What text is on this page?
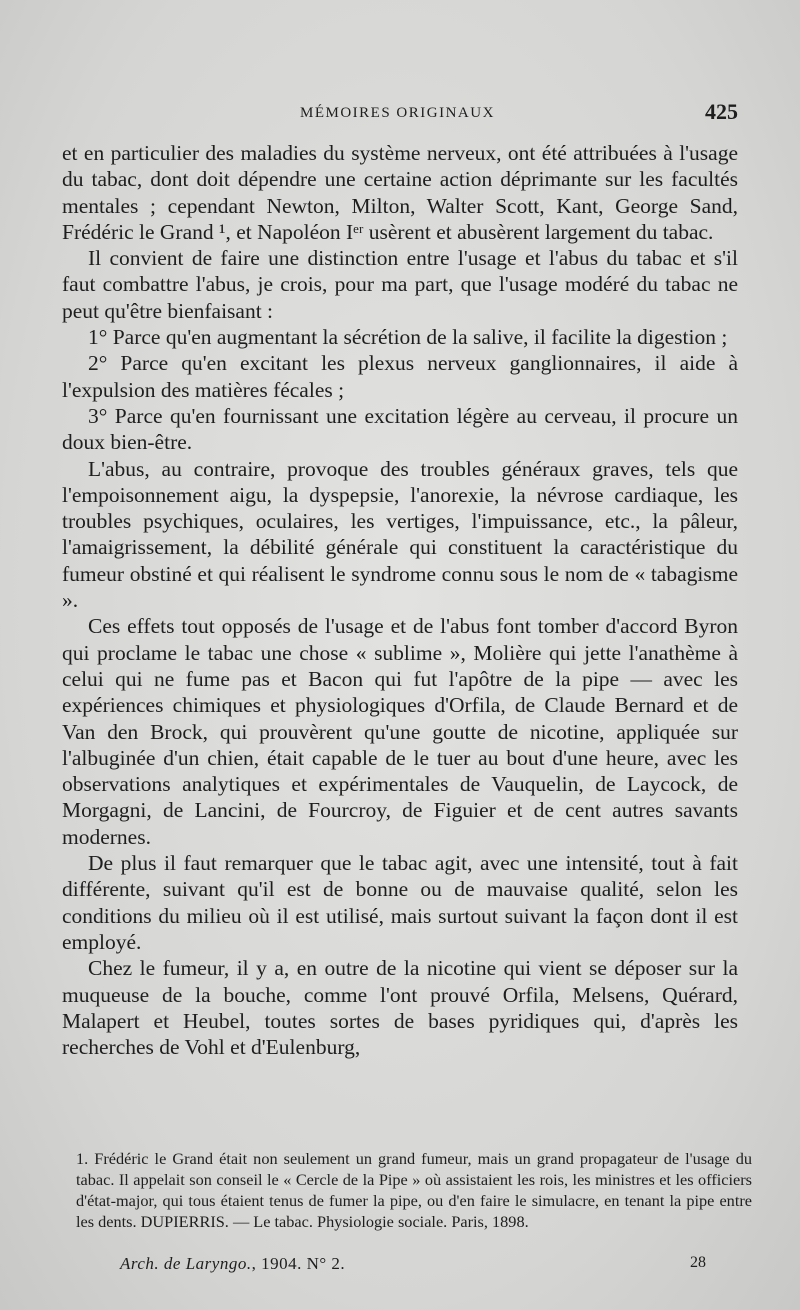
MÉMOIRES ORIGINAUX	425

et en particulier des maladies du système nerveux, ont été attribuées à l'usage du tabac, dont doit dépendre une certaine action déprimante sur les facultés mentales ; cependant Newton, Milton, Walter Scott, Kant, George Sand, Frédéric le Grand ¹, et Napoléon Iᵉʳ usèrent et abusèrent largement du tabac.

Il convient de faire une distinction entre l'usage et l'abus du tabac et s'il faut combattre l'abus, je crois, pour ma part, que l'usage modéré du tabac ne peut qu'être bienfaisant :

1° Parce qu'en augmentant la sécrétion de la salive, il facilite la digestion ;

2° Parce qu'en excitant les plexus nerveux ganglionnaires, il aide à l'expulsion des matières fécales ;

3° Parce qu'en fournissant une excitation légère au cerveau, il procure un doux bien-être.

L'abus, au contraire, provoque des troubles généraux graves, tels que l'empoisonnement aigu, la dyspepsie, l'anorexie, la névrose cardiaque, les troubles psychiques, oculaires, les vertiges, l'impuissance, etc., la pâleur, l'amaigrissement, la débilité générale qui constituent la caractéristique du fumeur obstiné et qui réalisent le syndrome connu sous le nom de « tabagisme ».

Ces effets tout opposés de l'usage et de l'abus font tomber d'accord Byron qui proclame le tabac une chose « sublime », Molière qui jette l'anathème à celui qui ne fume pas et Bacon qui fut l'apôtre de la pipe — avec les expériences chimiques et physiologiques d'Orfila, de Claude Bernard et de Van den Brock, qui prouvèrent qu'une goutte de nicotine, appliquée sur l'albuginée d'un chien, était capable de le tuer au bout d'une heure, avec les observations analytiques et expérimentales de Vauquelin, de Laycock, de Morgagni, de Lancini, de Fourcroy, de Figuier et de cent autres savants modernes.

De plus il faut remarquer que le tabac agit, avec une intensité, tout à fait différente, suivant qu'il est de bonne ou de mauvaise qualité, selon les conditions du milieu où il est utilisé, mais surtout suivant la façon dont il est employé.

Chez le fumeur, il y a, en outre de la nicotine qui vient se déposer sur la muqueuse de la bouche, comme l'ont prouvé Orfila, Melsens, Quérard, Malapert et Heubel, toutes sortes de bases pyridiques qui, d'après les recherches de Vohl et d'Eulenburg,

1. Frédéric le Grand était non seulement un grand fumeur, mais un grand propagateur de l'usage du tabac. Il appelait son conseil le « Cercle de la Pipe » où assistaient les rois, les ministres et les officiers d'état-major, qui tous étaient tenus de fumer la pipe, ou d'en faire le simulacre, en tenant la pipe entre les dents. DUPIERRIS. — Le tabac. Physiologie sociale. Paris, 1898.

Arch. de Laryngo., 1904. N° 2.	28
